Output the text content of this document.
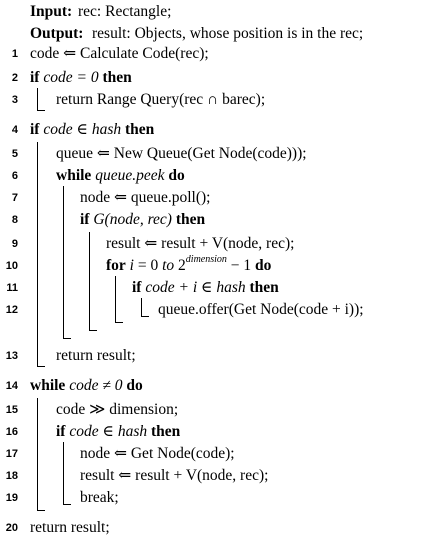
Input: rec: Rectangle;
Output: result: Objects, whose position is in the rec;
1 code ⇐ Calculate Code(rec);
2 if code = 0 then
3 return Range Query(rec ∩ barec);
4 if code ∈ hash then
5 queue ⇐ New Queue(Get Node(code)));
6 while queue.peek do
7	node ⇐ queue.poll();
8	if G(node, rec) then
9	result ⇐ result + V(node, rec);
10	for i = 0 to $2^{dimension} - 1$ do
11	if code + i ∈ hash then
12	queue.offer(Get Node(code + i));
13 return result;
14 while code ≠ 0 do
15 code ≫ dimension;
16 if code ∈ hash then
17	node ⇐ Get Node(code);
18	result ⇐ result + V(node, rec);
19	break;
20 return result;
